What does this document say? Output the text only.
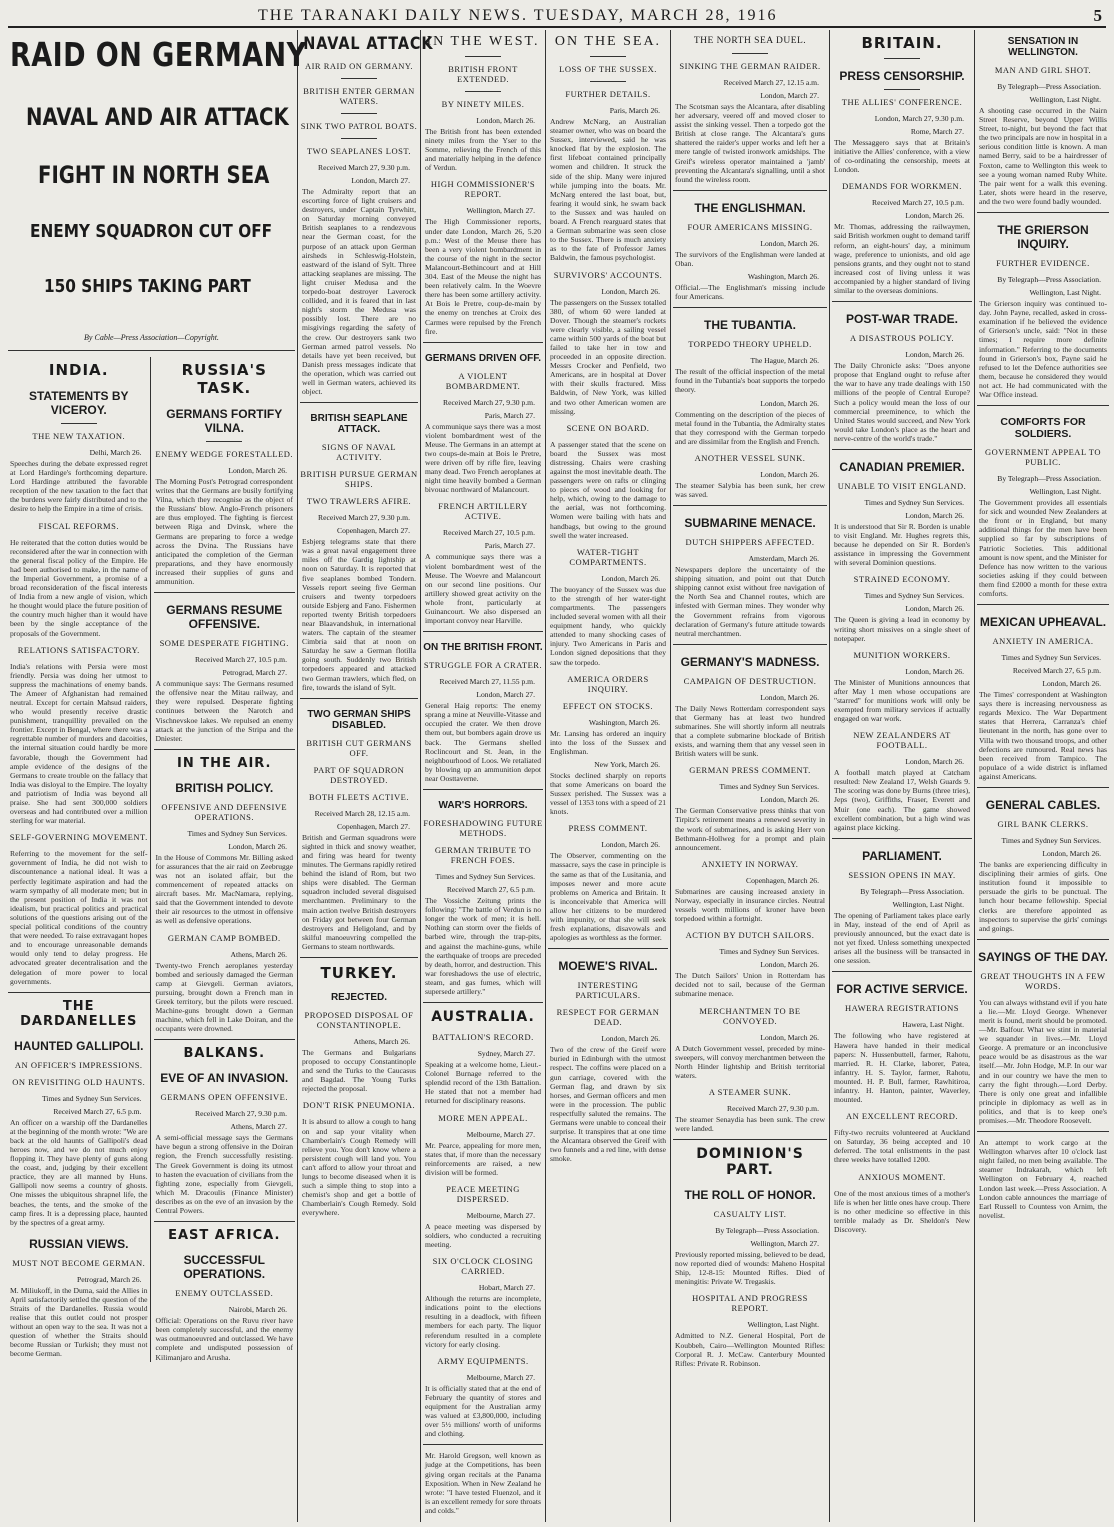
THE TARANAKI DAILY NEWS. TUESDAY, MARCH 28, 1916	5
RAID ON GERMANY
NAVAL AND AIR ATTACK
FIGHT IN NORTH SEA
ENEMY SQUADRON CUT OFF
150 SHIPS TAKING PART
By Cable—Press Association—Copyright.
INDIA.
STATEMENTS BY VICEROY.
THE NEW TAXATION.
Delhi, March 26.
Speeches during the debate expressed regret at Lord Hardinge's forthcoming departure. Lord Hardinge attributed the favorable reception of the new taxation to the fact that the burdens were fairly distributed and to the desire to help the Empire in a time of crisis.
FISCAL REFORMS.
He reiterated that the cotton duties would be reconsidered after the war in connection with the general fiscal policy of the Empire. He had been authorised to make, in the name of the Imperial Government, a promise of a broad reconsideration of the fiscal interests of India from a new angle of vision, which he thought would place the future position of the country much higher than it would have been by the single acceptance of the proposals of the Government.
RELATIONS SATISFACTORY.
India's relations with Persia were most friendly. Persia was doing her utmost to suppress the machinations of enemy bands. The Ameer of Afghanistan had remained neutral. Except for certain Mahsud raiders, who would presently receive drastic punishment, tranquillity prevailed on the frontier. Except in Bengal, where there was a regrettable number of murders and dacoities, the internal situation could hardly be more favorable, though the Government had ample evidence of the designs of the Germans to create trouble on the fallacy that India was disloyal to the Empire. The loyalty and patriotism of India was beyond all praise. She had sent 300,000 soldiers overseas and had contributed over a million sterling for war material.
SELF-GOVERNING MOVEMENT.
Referring to the movement for the self-government of India, he did not wish to discountenance a national ideal. It was a perfectly legitimate aspiration and had the warm sympathy of all moderate men; but in the present position of India it was not idealism, but practical politics and practical solutions of the questions arising out of the special political conditions of the country that were needed. To raise extravagant hopes and to encourage unreasonable demands would only tend to delay progress. He advocated greater decentralisation and the delegation of more power to local governments.
THE DARDANELLES
HAUNTED GALLIPOLI.
AN OFFICER'S IMPRESSIONS.
ON REVISITING OLD HAUNTS.
Times and Sydney Sun Services.
Received March 27, 6.5 p.m.
An officer on a warship off the Dardanelles at the beginning of the month wrote: "We are back at the old haunts of Gallipoli's dead heroes now, and we do not much enjoy flopping it. They have plenty of guns along the coast, and, judging by their excellent practice, they are all manned by Huns. Gallipoli now seems a country of ghosts. One misses the ubiquitous shrapnel life, the beaches, the tents, and the smoke of the camp fires. It is a depressing place, haunted by the spectres of a great army.
RUSSIAN VIEWS.
MUST NOT BECOME GERMAN.
Petrograd, March 26.
M. Miliukoff, in the Duma, said the Allies in April satisfactorily settled the question of the Straits of the Dardanelles. Russia would realise that this outlet could not prosper without an open way to the sea. It was not a question of whether the Straits should become Russian or Turkish; they must not become German.
RUSSIA'S TASK.
GERMANS FORTIFY VILNA.
ENEMY WEDGE FORESTALLED.
London, March 26.
The Morning Post's Petrograd correspondent writes that the Germans are busily fortifying Vilna, which they recognise as the object of the Russians' blow. Anglo-French prisoners are thus employed. The fighting is fiercest between Riga and Dvinsk, where the Germans are preparing to force a wedge across the Dvina. The Russians have anticipated the completion of the German preparations, and they have enormously increased their supplies of guns and ammunition.
GERMANS RESUME OFFENSIVE.
SOME DESPERATE FIGHTING.
Received March 27, 10.5 p.m.
Petrograd, March 27.
A communique says: The Germans resumed the offensive near the Mitau railway, and they were repulsed. Desperate fighting continues between the Narotch and Vischnevskoe lakes. We repulsed an enemy attack at the junction of the Stripa and the Dniester.
IN THE AIR.
BRITISH POLICY.
OFFENSIVE AND DEFENSIVE OPERATIONS.
Times and Sydney Sun Services.
London, March 26.
In the House of Commons Mr. Billing asked for assurances that the air raid on Zeebrugge was not an isolated affair, but the commencement of repeated attacks on aircraft bases. Mr. MacNamara, replying, said that the Government intended to devote their air resources to the utmost in offensive as well as defensive operations.
GERMAN CAMP BOMBED.
Athens, March 26.
Twenty-two French aeroplanes yesterday bombed and seriously damaged the German camp at Gievgeli. German aviators, pursuing, brought down a French man in Greek territory, but the pilots were rescued. Machine-guns brought down a German machine, which fell in Lake Doiran, and the occupants were drowned.
BALKANS.
EVE OF AN INVASION.
GERMANS OPEN OFFENSIVE.
Received March 27, 9.30 p.m.
Athens, March 27.
A semi-official message says the Germans have begun a strong offensive in the Doiran region, the French successfully resisting. The Greek Government is doing its utmost to hasten the evacuation of civilians from the fighting zone, especially from Gievgeli, which M. Dracoulis (Finance Minister) describes as on the eve of an invasion by the Central Powers.
EAST AFRICA.
SUCCESSFUL OPERATIONS.
ENEMY OUTCLASSED.
Nairobi, March 26.
Official: Operations on the Ruvu river have been completely successful, and the enemy was outmanoeuvred and outclassed. We have complete and undisputed possession of Kilimanjaro and Arusha.
NAVAL ATTACK
AIR RAID ON GERMANY.
BRITISH ENTER GERMAN WATERS.
SINK TWO PATROL BOATS.
TWO SEAPLANES LOST.
Received March 27, 9.30 p.m.
London, March 27.
The Admiralty report that an escorting force of light cruisers and destroyers, under Captain Tyrwhitt, on Saturday morning conveyed British seaplanes to a rendezvous near the German coast, for the purpose of an attack upon German airsheds in Schleswig-Holstein, eastward of the island of Sylt. Three attacking seaplanes are missing. The light cruiser Medusa and the torpedo-boat destroyer Laverock collided, and it is feared that in last night's storm the Medusa was possibly lost. There are no misgivings regarding the safety of the crew. Our destroyers sank two German armed patrol vessels. No details have yet been received, but Danish press messages indicate that the operation, which was carried out well in German waters, achieved its object.
BRITISH SEAPLANE ATTACK.
SIGNS OF NAVAL ACTIVITY.
BRITISH PURSUE GERMAN SHIPS.
TWO TRAWLERS AFIRE.
Received March 27, 9.30 p.m.
Copenhagen, March 27.
Esbjerg telegrams state that there was a great naval engagement three miles off the Gardig lightship at noon on Saturday. It is reported that five seaplanes bombed Tondern. Vessels report seeing five German cruisers and twenty torpedoers outside Esbjerg and Fano. Fishermen reported twenty British torpedoers near Blaavandshuk, in international waters. The captain of the steamer Cimbria said that at noon on Saturday he saw a German flotilla going south. Suddenly two British torpedoers appeared and attacked two German trawlers, which fled, on fire, towards the island of Sylt.
TWO GERMAN SHIPS DISABLED.
BRITISH CUT GERMANS OFF.
PART OF SQUADRON DESTROYED.
BOTH FLEETS ACTIVE.
Received March 28, 12.15 a.m.
Copenhagen, March 27.
British and German squadrons were sighted in thick and snowy weather, and firing was heard for twenty minutes. The Germans rapidly retired behind the island of Rom, but two ships were disabled. The German squadron included several disguised merchantmen. Preliminary to the main action twelve British destroyers on Friday got between four German destroyers and Heligoland, and by skilful manoeuvring compelled the Germans to steam northwards.
TURKEY.
REJECTED.
PROPOSED DISPOSAL OF CONSTANTINOPLE.
Athens, March 26.
The Germans and Bulgarians proposed to occupy Constantinople and send the Turks to the Caucasus and Bagdad. The Young Turks rejected the proposal.
DON'T RISK PNEUMONIA.
It is absurd to allow a cough to hang on and sap your vitality when Chamberlain's Cough Remedy will relieve you. You don't know where a persistent cough will land you. You can't afford to allow your throat and lungs to become diseased when it is such a simple thing to stop into a chemist's shop and get a bottle of Chamberlain's Cough Remedy. Sold everywhere.
IN THE WEST.
BRITISH FRONT EXTENDED.
BY NINETY MILES.
London, March 26.
The British front has been extended ninety miles from the Yser to the Somme, relieving the French of this and materially helping in the defence of Verdun.
HIGH COMMISSIONER'S REPORT.
Wellington, March 27.
The High Commissioner reports, under date London, March 26, 5.20 p.m.: West of the Meuse there has been a very violent bombardment in the course of the night in the sector Malancourt-Bethincourt and at Hill 304. East of the Meuse the night has been relatively calm. In the Woevre there has been some artillery activity. At Bois le Pretre, coup-de-main by the enemy on trenches at Croix des Carmes were repulsed by the French fire.
GERMANS DRIVEN OFF.
A VIOLENT BOMBARDMENT.
Received March 27, 9.30 p.m.
Paris, March 27.
A communique says there was a most violent bombardment west of the Meuse. The Germans in an attempt at two coups-de-main at Bois le Pretre, were driven off by rifle fire, leaving many dead. Two French aeroplanes at night time heavily bombed a German bivouac northward of Malancourt.
FRENCH ARTILLERY ACTIVE.
Received March 27, 10.5 p.m.
Paris, March 27.
A communique says there was a violent bombardment west of the Meuse. The Woevre and Malancourt on our second line positions. Our artillery showed great activity on the whole front, particularly at Guinancourt. We also dispersed an important convoy near Harville.
ON THE BRITISH FRONT.
STRUGGLE FOR A CRATER.
Received March 27, 11.55 p.m.
London, March 27.
General Haig reports: The enemy sprang a mine at Neuville-Vitasse and occupied the crater. We then drove them out, but bombers again drove us back. The Germans shelled Roclincourt and St. Jean, in the neighbourhood of Loos. We retaliated by blowing up an ammunition depot near Oosttaverne.
WAR'S HORRORS.
FORESHADOWING FUTURE METHODS.
GERMAN TRIBUTE TO FRENCH FOES.
Times and Sydney Sun Services.
Received March 27, 6.5 p.m.
The Vossiche Zeitung prints the following: "The battle of Verdun is no longer the work of men; it is hell. Nothing can storm over the fields of barbed wire, through the trap-pits, and against the machine-guns, while the earthquake of troops are preceded by death, horror, and destruction. This war foreshadows the use of electric, steam, and gas fumes, which will supersede artillery."
AUSTRALIA.
BATTALION'S RECORD.
Sydney, March 27.
Speaking at a welcome home, Lieut.-Colonel Burnage referred to the splendid record of the 13th Battalion. He stated that not a member had returned for disciplinary reasons.
MORE MEN APPEAL.
Melbourne, March 27.
Mr. Pearce, appealing for more men, states that, if more than the necessary reinforcements are raised, a new division will be formed.
PEACE MEETING DISPERSED.
Melbourne, March 27.
A peace meeting was dispersed by soldiers, who conducted a recruiting meeting.
SIX O'CLOCK CLOSING CARRIED.
Hobart, March 27.
Although the returns are incomplete, indications point to the elections resulting in a deadlock, with fifteen members for each party. The liquor referendum resulted in a complete victory for early closing.
ARMY EQUIPMENTS.
Melbourne, March 27.
It is officially stated that at the end of February the quantity of stores and equipment for the Australian army was valued at £3,800,000, including over 5½ millions' worth of uniforms and clothing.
Mr. Harold Gregson, well known as judge at the Competitions, has been giving organ recitals at the Panama Exposition. When in New Zealand he wrote: "I have tested Fluenzol, and it is an excellent remedy for sore throats and colds."
ON THE SEA.
LOSS OF THE SUSSEX.
FURTHER DETAILS.
Paris, March 26.
Andrew McNarg, an Australian steamer owner, who was on board the Sussex, interviewed, said he was knocked flat by the explosion. The first lifeboat contained principally women and children. It struck the side of the ship. Many were injured while jumping into the boats. Mr. McNarg entered the last boat, but, fearing it would sink, he swam back to the Sussex and was hauled on board. A French rearguard states that a German submarine was seen close to the Sussex. There is much anxiety as to the fate of Professor James Baldwin, the famous psychologist.
SURVIVORS' ACCOUNTS.
London, March 26.
The passengers on the Sussex totalled 380, of whom 60 were landed at Dover. Though the steamer's rockets were clearly visible, a sailing vessel came within 500 yards of the boat but failed to take her in tow and proceeded in an opposite direction. Messrs Crocker and Penfield, two Americans, are in hospital at Dover with their skulls fractured. Miss Baldwin, of New York, was killed and two other American women are missing.
SCENE ON BOARD.
A passenger stated that the scene on board the Sussex was most distressing. Chairs were crashing against the most inevitable death. The passengers were on rafts or clinging to pieces of wood and looking for help, which, owing to the damage to the aerial, was not forthcoming. Women were bailing with hats and handbags, but owing to the ground swell the water increased.
WATER-TIGHT COMPARTMENTS.
London, March 26.
The buoyancy of the Sussex was due to the strength of her water-tight compartments. The passengers included several women with all their equipment handy, who quickly attended to many shocking cases of injury. Two Americans in Paris and London signed depositions that they saw the torpedo.
AMERICA ORDERS INQUIRY.
EFFECT ON STOCKS.
Washington, March 26.
Mr. Lansing has ordered an inquiry into the loss of the Sussex and Englishman.
New York, March 26.
Stocks declined sharply on reports that some Americans on board the Sussex perished. The Sussex was a vessel of 1353 tons with a speed of 21 knots.
PRESS COMMENT.
London, March 26.
The Observer, commenting on the massacre, says the case in principle is the same as that of the Lusitania, and imposes newer and more acute problems on America and Britain. It is inconceivable that America will allow her citizens to be murdered with impunity, or that she will seek fresh explanations, disavowals and apologies as worthless as the former.
MOEWE'S RIVAL.
INTERESTING PARTICULARS.
RESPECT FOR GERMAN DEAD.
London, March 26.
Two of the crew of the Greif were buried in Edinburgh with the utmost respect. The coffins were placed on a gun carriage, covered with the German flag, and drawn by six horses, and German officers and men were in the procession. The public respectfully saluted the remains. The Germans were unable to conceal their surprise. It transpires that at one time the Alcantara observed the Greif with two funnels and a red line, with dense smoke.
THE NORTH SEA DUEL.
SINKING THE GERMAN RAIDER.
Received March 27, 12.15 a.m.
London, March 27.
The Scotsman says the Alcantara, after disabling her adversary, veered off and moved closer to assist the sinking vessel. Then a torpedo got the British at close range. The Alcantara's guns shattered the raider's upper works and left her a mere tangle of twisted ironwork amidships. The Greif's wireless operator maintained a 'jamb' preventing the Alcantara's signalling, until a shot found the wireless room.
THE ENGLISHMAN.
FOUR AMERICANS MISSING.
London, March 26.
The survivors of the Englishman were landed at Oban.
Washington, March 26.
Official.—The Englishman's missing include four Americans.
THE TUBANTIA.
TORPEDO THEORY UPHELD.
The Hague, March 26.
The result of the official inspection of the metal found in the Tubantia's boat supports the torpedo theory.
London, March 26.
Commenting on the description of the pieces of metal found in the Tubantia, the Admiralty states that they correspond with the German torpedo and are dissimilar from the English and French.
ANOTHER VESSEL SUNK.
London, March 26.
The steamer Salybia has been sunk, her crew was saved.
SUBMARINE MENACE.
DUTCH SHIPPERS AFFECTED.
Amsterdam, March 26.
Newspapers deplore the uncertainty of the shipping situation, and point out that Dutch shipping cannot exist without free navigation of the North Sea and Channel routes, which are infested with German mines. They wonder why the Government refrains from vigorous declaration of Germany's future attitude towards neutral merchantmen.
GERMANY'S MADNESS.
CAMPAIGN OF DESTRUCTION.
London, March 26.
The Daily News Rotterdam correspondent says that Germany has at least two hundred submarines. She will shortly inform all neutrals that a complete submarine blockade of British exists, and warning them that any vessel seen in British waters will be sunk.
GERMAN PRESS COMMENT.
Times and Sydney Sun Services.
London, March 26.
The German Conservative press thinks that von Tirpitz's retirement means a renewed severity in the work of submarines, and is asking Herr von Bethmann-Hollweg for a prompt and plain announcement.
ANXIETY IN NORWAY.
Copenhagen, March 26.
Submarines are causing increased anxiety in Norway, especially in insurance circles. Neutral vessels worth millions of kroner have been torpedoed within a fortnight.
ACTION BY DUTCH SAILORS.
Times and Sydney Sun Services.
London, March 26.
The Dutch Sailors' Union in Rotterdam has decided not to sail, because of the German submarine menace.
MERCHANTMEN TO BE CONVOYED.
London, March 26.
A Dutch Government vessel, preceded by mine-sweepers, will convoy merchantmen between the North Hinder lightship and British territorial waters.
A STEAMER SUNK.
Received March 27, 9.30 p.m.
The steamer Senaydia has been sunk. The crew were landed.
DOMINION'S PART.
THE ROLL OF HONOR.
CASUALTY LIST.
By Telegraph—Press Association.
Wellington, March 27.
Previously reported missing, believed to be dead, now reported died of wounds: Maheno Hospital Ship, 12-8-15: Mounted Rifles. Died of meningitis: Private W. Tregaskis.
HOSPITAL AND PROGRESS REPORT.
Wellington, Last Night.
Admitted to N.Z. General Hospital, Port de Koubbeh, Cairo—Wellington Mounted Rifles: Corporal R. J. McCaw. Canterbury Mounted Rifles: Private R. Robinson.
BRITAIN.
PRESS CENSORSHIP.
THE ALLIES' CONFERENCE.
London, March 27, 9.30 p.m.
Rome, March 27.
The Messaggero says that at Britain's initiative the Allies' conference, with a view of co-ordinating the censorship, meets at London.
DEMANDS FOR WORKMEN.
Received March 27, 10.5 p.m.
London, March 26.
Mr. Thomas, addressing the railwaymen, said British workmen ought to demand tariff reform, an eight-hours' day, a minimum wage, preference to unionists, and old age pensions grants, and they ought not to stand increased cost of living unless it was accompanied by a higher standard of living similar to the overseas dominions.
POST-WAR TRADE.
A DISASTROUS POLICY.
London, March 26.
The Daily Chronicle asks: "Does anyone propose that England ought to refuse after the war to have any trade dealings with 150 millions of the people of Central Europe? Such a policy would mean the loss of our commercial preeminence, to which the United States would succeed, and New York would take London's place as the heart and nerve-centre of the world's trade."
CANADIAN PREMIER.
UNABLE TO VISIT ENGLAND.
Times and Sydney Sun Services.
London, March 26.
It is understood that Sir R. Borden is unable to visit England. Mr. Hughes regrets this, because he depended on Sir R. Borden's assistance in impressing the Government with several Dominion questions.
STRAINED ECONOMY.
Times and Sydney Sun Services.
London, March 26.
The Queen is giving a lead in economy by writing short missives on a single sheet of notepaper.
MUNITION WORKERS.
London, March 26.
The Minister of Munitions announces that after May 1 men whose occupations are "starred" for munitions work will only be exempted from military services if actually engaged on war work.
NEW ZEALANDERS AT FOOTBALL.
London, March 26.
A football match played at Catcham resulted: New Zealand 17, Welsh Guards 9. The scoring was done by Burns (three tries), Jeps (two), Griffiths, Fraser, Everett and Muir (one each). The game showed excellent combination, but a high wind was against place kicking.
PARLIAMENT.
SESSION OPENS IN MAY.
By Telegraph—Press Association.
Wellington, Last Night.
The opening of Parliament takes place early in May, instead of the end of April as previously announced, but the exact date is not yet fixed. Unless something unexpected arises all the business will be transacted in one session.
FOR ACTIVE SERVICE.
HAWERA REGISTRATIONS
Hawera, Last Night.
The following who have registered at Hawera have handed in their medical papers: N. Hussenbuttell, farmer, Rahotu, married. R. H. Clarke, laborer, Patea, infantry. H. S. Taylor, farmer, Rahotu, mounted. H. P. Bull, farmer, Rawhitiroa, infantry. H. Hanton, painter, Waverley, mounted.
AN EXCELLENT RECORD.
Fifty-two recruits volunteered at Auckland on Saturday, 36 being accepted and 10 deferred. The total enlistments in the past three weeks have totalled 1200.
ANXIOUS MOMENT.
One of the most anxious times of a mother's life is when her little ones have croup. There is no other medicine so effective in this terrible malady as Dr. Sheldon's New Discovery.
SENSATION IN WELLINGTON.
MAN AND GIRL SHOT.
By Telegraph—Press Association.
Wellington, Last Night.
A shooting case occurred in the Nairn Street Reserve, beyond Upper Willis Street, to-night, but beyond the fact that the two principals are now in hospital in a serious condition little is known. A man named Berry, said to be a hairdresser of Foxton, came to Wellington this week to see a young woman named Ruby White. The pair went for a walk this evening. Later, shots were heard in the reserve, and the two were found badly wounded.
THE GRIERSON INQUIRY.
FURTHER EVIDENCE.
By Telegraph—Press Association.
Wellington, Last Night.
The Grierson inquiry was continued to-day. John Payne, recalled, asked in cross-examination if he believed the evidence of Grierson's uncle, said: "Not in these times; I require more definite information." Referring to the documents found in Grierson's box, Payne said he refused to let the Defence authorities see them, because he considered they would not act. He had communicated with the War Office instead.
COMFORTS FOR SOLDIERS.
GOVERNMENT APPEAL TO PUBLIC.
By Telegraph—Press Association.
Wellington, Last Night.
The Government provides all essentials for sick and wounded New Zealanders at the front or in England, but many additional things for the men have been supplied so far by subscriptions of Patriotic Societies. This additional amount is now spent, and the Minister for Defence has now written to the various societies asking if they could between them find £2000 a month for these extra comforts.
MEXICAN UPHEAVAL.
ANXIETY IN AMERICA.
Times and Sydney Sun Services.
Received March 27, 6.5 p.m.
London, March 26.
The Times' correspondent at Washington says there is increasing nervousness as regards Mexico. The War Department states that Herrera, Carranza's chief lieutenant in the north, has gone over to Villa with two thousand troops, and other defections are rumoured. Real news has been received from Tampico. The populace of a wide district is inflamed against Americans.
GENERAL CABLES.
GIRL BANK CLERKS.
Times and Sydney Sun Services.
London, March 26.
The banks are experiencing difficulty in disciplining their armies of girls. One institution found it impossible to persuade the girls to be punctual. The lunch hour became fellowship. Special clerks are therefore appointed as inspectors to supervise the girls' comings and goings.
SAYINGS OF THE DAY.
GREAT THOUGHTS IN A FEW WORDS.
You can always withstand evil if you hate a lie.—Mr. Lloyd George. Whenever merit is found, merit should be promoted.—Mr. Balfour. What we stint in material we squander in lives.—Mr. Lloyd George. A premature or an inconclusive peace would be as disastrous as the war itself.—Mr. John Hodge, M.P. In our war and in our country we have the men to carry the fight through.—Lord Derby. There is only one great and infallible principle in diplomacy as well as in politics, and that is to keep one's promises.—Mr. Theodore Roosevelt.
An attempt to work cargo at the Wellington wharves after 10 o'clock last night failed, no men being available. The steamer Indrakarah, which left Wellington on February 4, reached London last week.—Press Association. A London cable announces the marriage of Earl Russell to Countess von Arnim, the novelist.
